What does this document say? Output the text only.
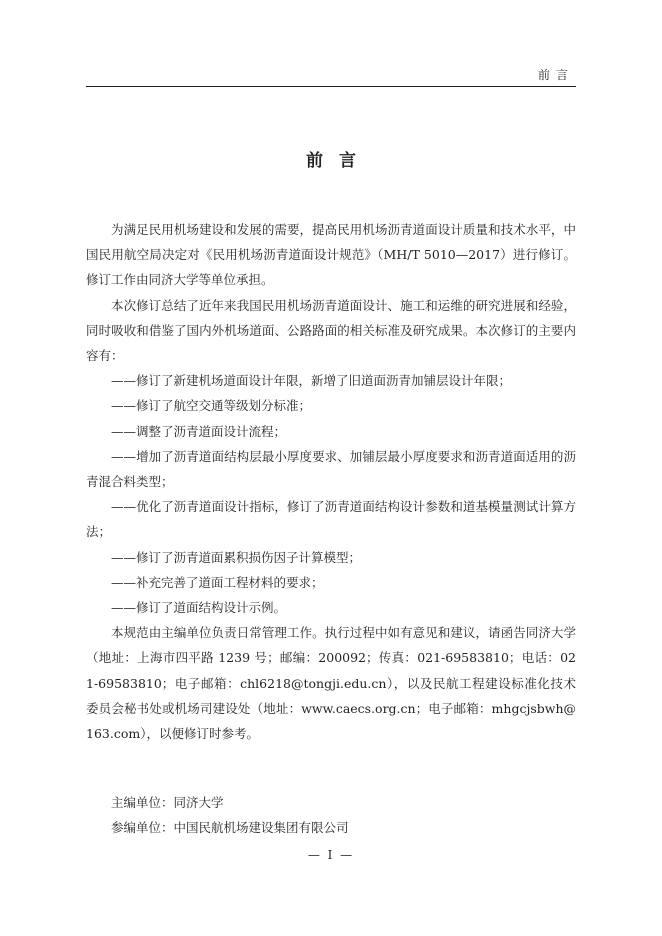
前言
前言

为满足民用机场建设和发展的需要，提高民用机场沥青道面设计质量和技术水平，中国民用航空局决定对《民用机场沥青道面设计规范》（MH/T 5010—2017）进行修订。修订工作由同济大学等单位承担。

本次修订总结了近年来我国民用机场沥青道面设计、施工和运维的研究进展和经验，同时吸收和借鉴了国内外机场道面、公路路面的相关标准及研究成果。本次修订的主要内容有：

——修订了新建机场道面设计年限，新增了旧道面沥青加铺层设计年限；

——修订了航空交通等级划分标准；

——调整了沥青道面设计流程；

——增加了沥青道面结构层最小厚度要求、加铺层最小厚度要求和沥青道面适用的沥青混合料类型；

——优化了沥青道面设计指标，修订了沥青道面结构设计参数和道基模量测试计算方法；

——修订了沥青道面累积损伤因子计算模型；

——补充完善了道面工程材料的要求；

——修订了道面结构设计示例。

本规范由主编单位负责日常管理工作。执行过程中如有意见和建议，请函告同济大学（地址：上海市四平路 1239 号；邮编：200092；传真：021-69583810；电话：021-69583810；电子邮箱：chl6218@tongji.edu.cn），以及民航工程建设标准化技术委员会秘书处或机场司建设处（地址：www.caecs.org.cn；电子邮箱：mhgcjsbwh@163.com），以便修订时参考。

主编单位：同济大学
参编单位：中国民航机场建设集团有限公司
— Ⅰ —
